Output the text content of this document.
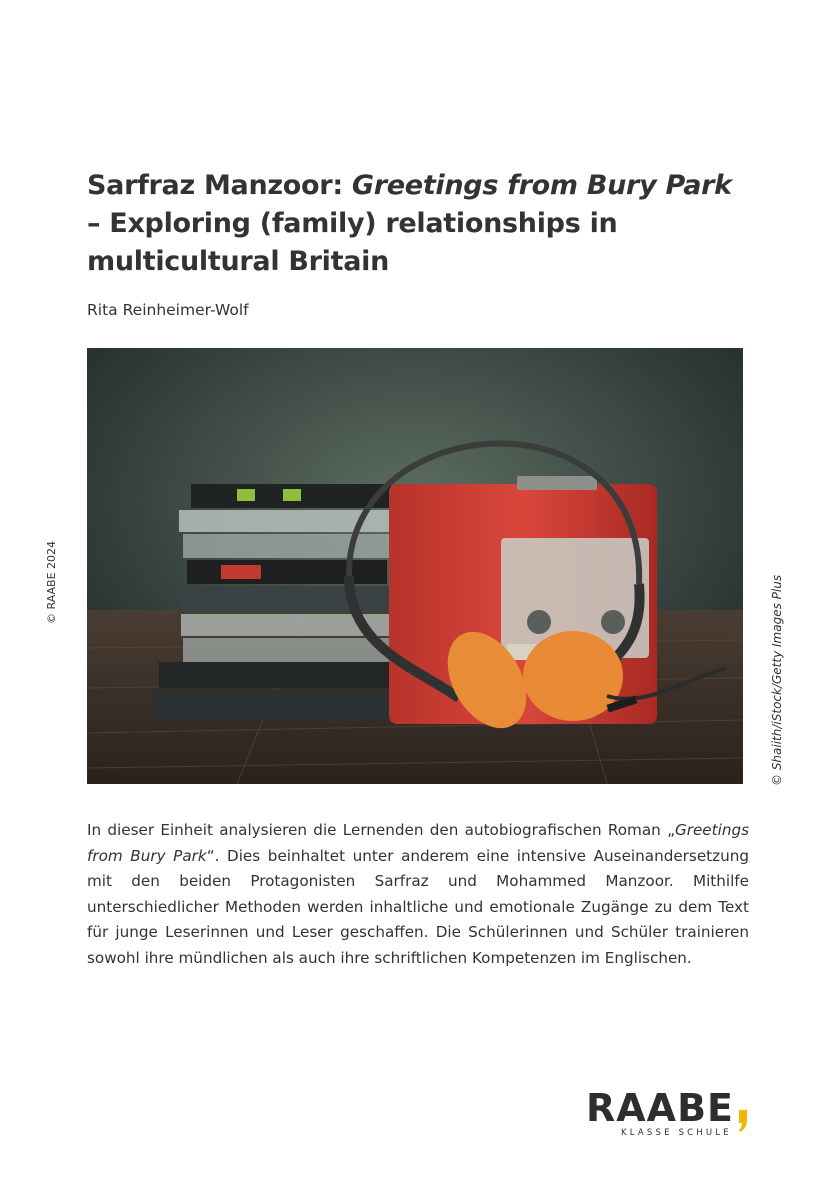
Sarfraz Manzoor: Greetings from Bury Park – Exploring (family) relationships in multicultural Britain
Rita Reinheimer-Wolf
© RAABE 2024	© Shaiith/iStock/Getty Images Plus

In dieser Einheit analysieren die Lernenden den autobiografischen Roman „Greetings from Bury Park“. Dies beinhaltet unter anderem eine intensive Auseinandersetzung mit den beiden Protagonisten Sarfraz und Mohammed Manzoor. Mithilfe unterschiedlicher Methoden werden inhaltliche und emotionale Zugänge zu dem Text für junge Leserinnen und Leser geschaffen. Die Schülerinnen und Schüler trainieren sowohl ihre mündlichen als auch ihre schriftlichen Kompetenzen im Englischen.

RAABE
KLASSE SCHULE
